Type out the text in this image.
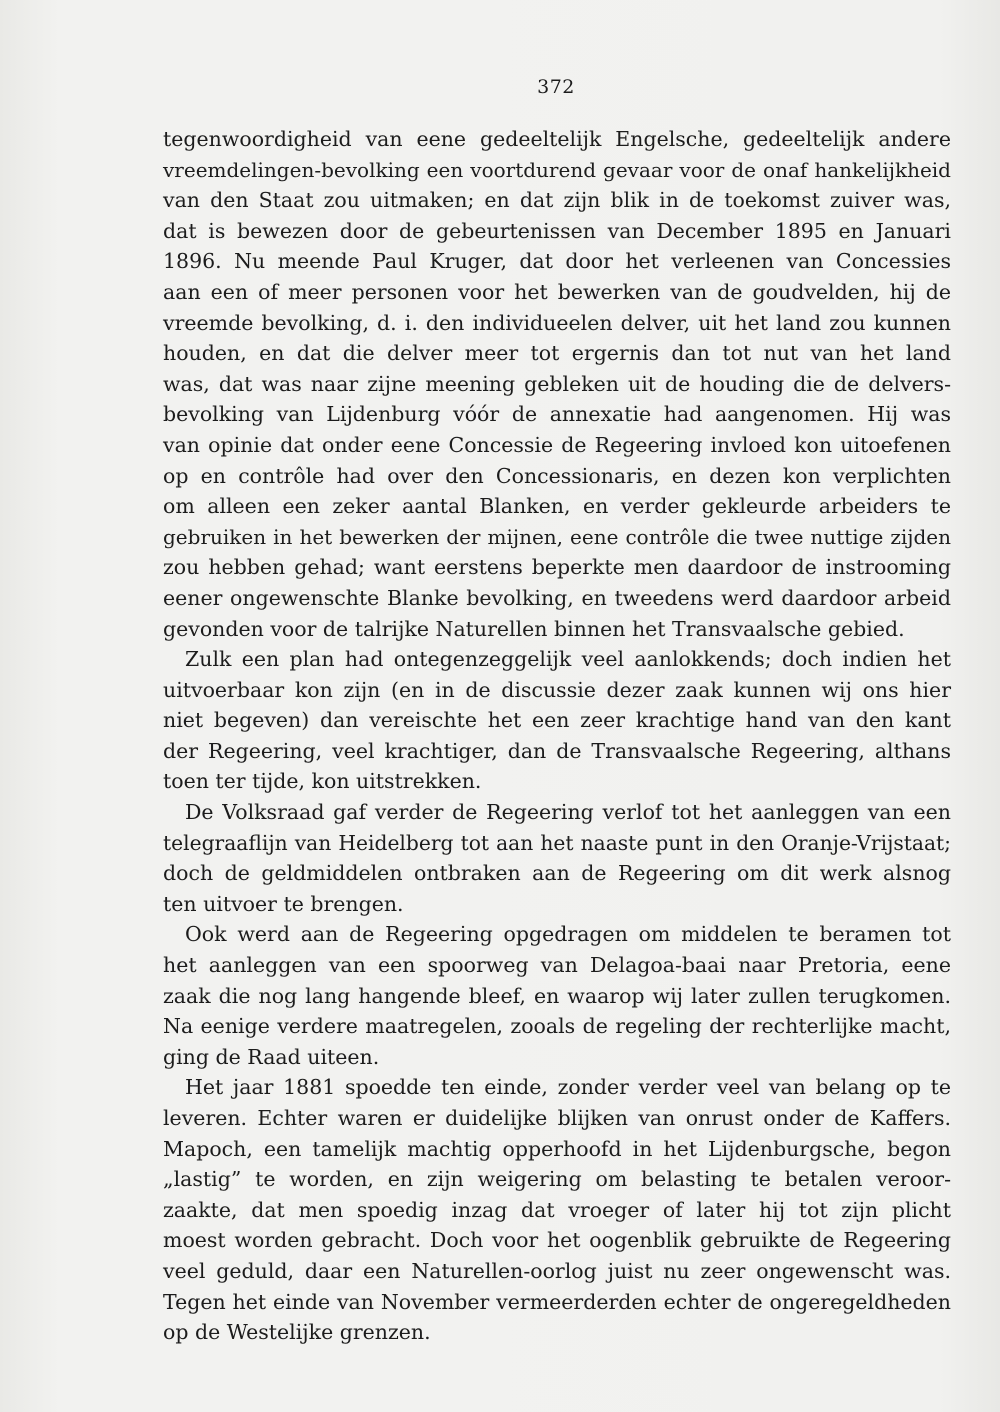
372
tegenwoordigheid van eene gedeeltelijk Engelsche, gedeeltelijk andere
vreemdelingen-bevolking een voortdurend gevaar voor de onaf hankelijkheid
van den Staat zou uitmaken; en dat zijn blik in de toekomst zuiver was,
dat is bewezen door de gebeurtenissen van December 1895 en Januari
1896. Nu meende Paul Kruger, dat door het verleenen van Concessies
aan een of meer personen voor het bewerken van de goudvelden, hij de
vreemde bevolking, d. i. den individueelen delver, uit het land zou kunnen
houden, en dat die delver meer tot ergernis dan tot nut van het land
was, dat was naar zijne meening gebleken uit de houding die de delvers-
bevolking van Lijdenburg vóór de annexatie had aangenomen. Hij was
van opinie dat onder eene Concessie de Regeering invloed kon uitoefenen
op en contrôle had over den Concessionaris, en dezen kon verplichten
om alleen een zeker aantal Blanken, en verder gekleurde arbeiders te
gebruiken in het bewerken der mijnen, eene contrôle die twee nuttige zijden
zou hebben gehad; want eerstens beperkte men daardoor de instrooming
eener ongewenschte Blanke bevolking, en tweedens werd daardoor arbeid
gevonden voor de talrijke Naturellen binnen het Transvaalsche gebied.
Zulk een plan had ontegenzeggelijk veel aanlokkends; doch indien het
uitvoerbaar kon zijn (en in de discussie dezer zaak kunnen wij ons hier
niet begeven) dan vereischte het een zeer krachtige hand van den kant
der Regeering, veel krachtiger, dan de Transvaalsche Regeering, althans
toen ter tijde, kon uitstrekken.
De Volksraad gaf verder de Regeering verlof tot het aanleggen van een
telegraaflijn van Heidelberg tot aan het naaste punt in den Oranje-Vrijstaat;
doch de geldmiddelen ontbraken aan de Regeering om dit werk alsnog
ten uitvoer te brengen.
Ook werd aan de Regeering opgedragen om middelen te beramen tot
het aanleggen van een spoorweg van Delagoa-baai naar Pretoria, eene
zaak die nog lang hangende bleef, en waarop wij later zullen terugkomen.
Na eenige verdere maatregelen, zooals de regeling der rechterlijke macht,
ging de Raad uiteen.
Het jaar 1881 spoedde ten einde, zonder verder veel van belang op te
leveren. Echter waren er duidelijke blijken van onrust onder de Kaffers.
Mapoch, een tamelijk machtig opperhoofd in het Lijdenburgsche, begon
„lastig” te worden, en zijn weigering om belasting te betalen veroor-
zaakte, dat men spoedig inzag dat vroeger of later hij tot zijn plicht
moest worden gebracht. Doch voor het oogenblik gebruikte de Regeering
veel geduld, daar een Naturellen-oorlog juist nu zeer ongewenscht was.
Tegen het einde van November vermeerderden echter de ongeregeldheden
op de Westelijke grenzen.
